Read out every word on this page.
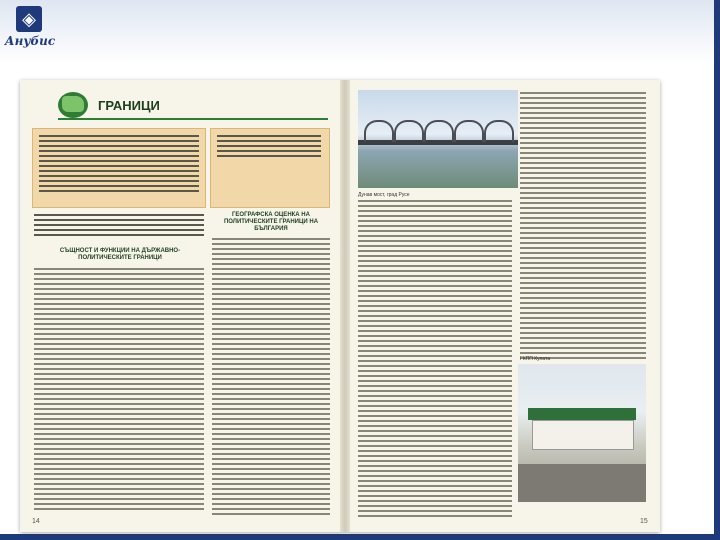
◈
Анубис
ГРАНИЦИ
СЪЩНОСТ И ФУНКЦИИ НА ДЪРЖАВНО-ПОЛИТИЧЕСКИТЕ ГРАНИЦИ
ГЕОГРАФСКА ОЦЕНКА НА ПОЛИТИЧЕСКИТЕ ГРАНИЦИ НА БЪЛГАРИЯ
14
Дунав мост, град Русе
ГКПП Кулата
15
